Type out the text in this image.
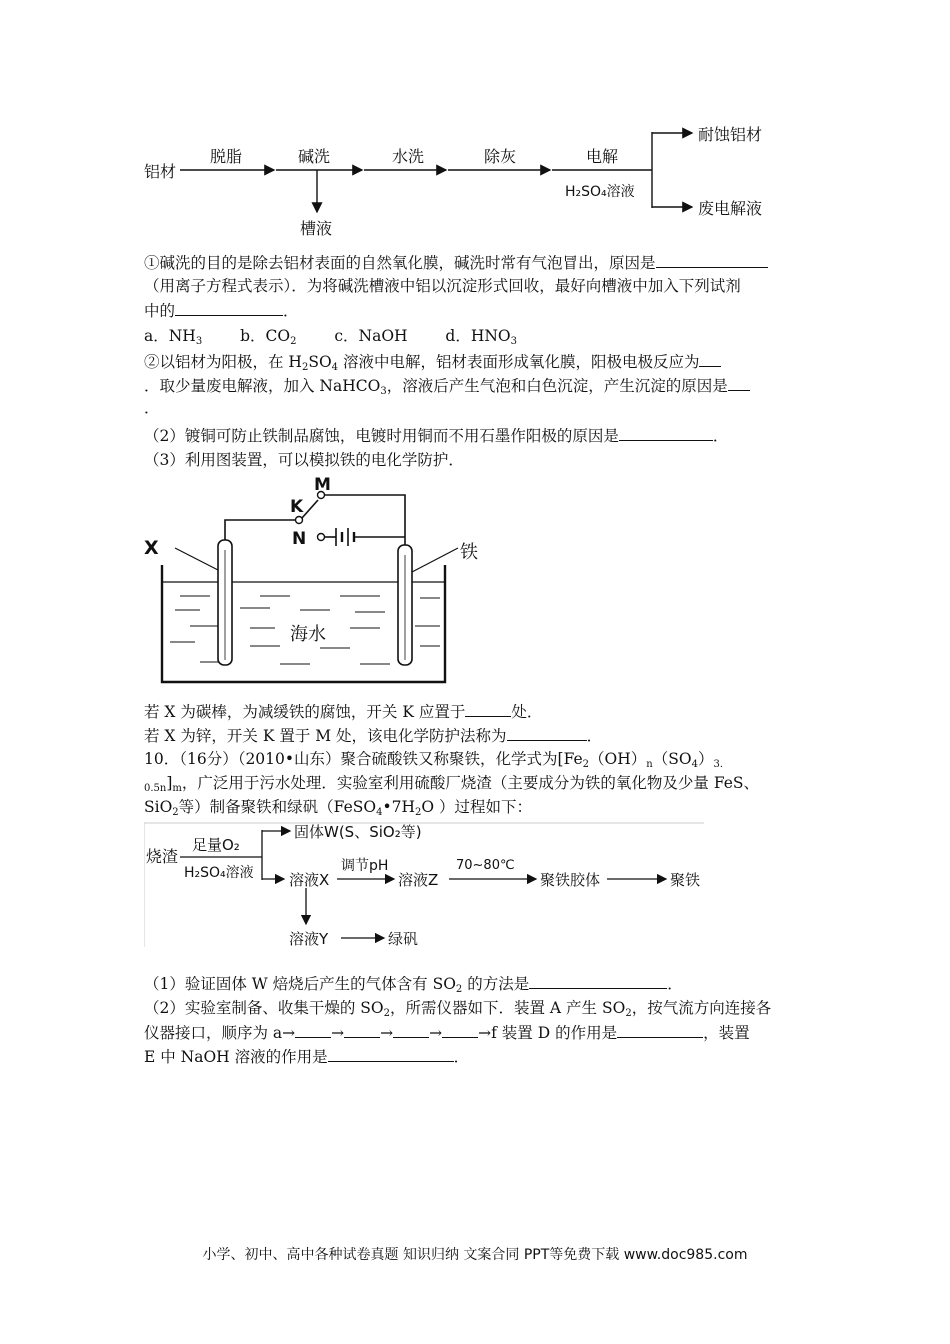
铝材
脱脂	碱洗
槽液
水洗	除灰	电解
H₂SO₄溶液
耐蚀铝材
废电解液
①碱洗的目的是除去铝材表面的自然氧化膜，碱洗时常有气泡冒出，原因是
（用离子方程式表示）．为将碱洗槽液中铝以沉淀形式回收，最好向槽液中加入下列试剂
中的	．
a．$NH_3$ b．$CO_2$ c．NaOH d．$HNO_3$
②以铝材为阳极，在 $H_2SO_4$ 溶液中电解，铝材表面形成氧化膜，阳极电极反应为
．取少量废电解液，加入 NaHCO$_3$，溶液后产生气泡和白色沉淀，产生沉淀的原因是
．
（2）镀铜可防止铁制品腐蚀，电镀时用铜而不用石墨作阳极的原因是	．
（3）利用图装置，可以模拟铁的电化学防护．
M
K
N
X	铁
海水
若 X 为碳棒，为减缓铁的腐蚀，开关 K 应置于	处．
若 X 为锌，开关 K 置于 M 处，该电化学防护法称为	．
10．（16分）（2010•山东）聚合硫酸铁又称聚铁，化学式为[$Fe_2(OH)_n(SO_4)_{3.}$
$_{0.5n}]_m$，广泛用于污水处理．实验室利用硫酸厂烧渣（主要成分为铁的氧化物及少量 FeS、
SiO$_2$等）制备聚铁和绿矾（$FeSO_4•7H_2O$ ）过程如下：
烧渣
足量O₂
H₂SO₄溶液
固体W(S、SiO₂等)
溶液X
调节pH
溶液Z
70~80℃
聚铁胶体	聚铁
溶液Y	绿矾
（1）验证固体 W 焙烧后产生的气体含有 $SO_2$ 的方法是	．
（2）实验室制备、收集干燥的 $SO_2$，所需仪器如下．装置 A 产生 $SO_2$，按气流方向连接各
仪器接口，顺序为 a→ → → → →f 装置 D 的作用是	，装置
E 中 NaOH 溶液的作用是	．
小学、初中、高中各种试卷真题 知识归纳 文案合同 PPT等免费下载 www.doc985.com
